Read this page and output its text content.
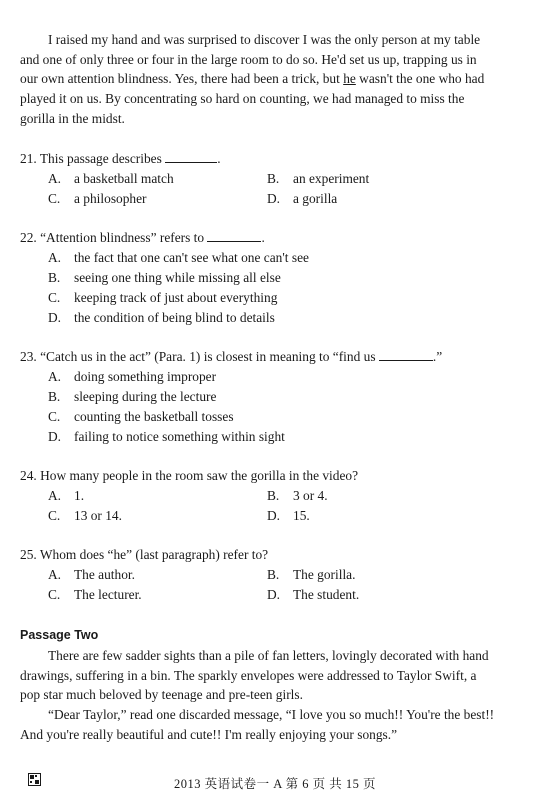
I raised my hand and was surprised to discover I was the only person at my table
and one of only three or four in the large room to do so. He'd set us up, trapping us in
our own attention blindness. Yes, there had been a trick, but he wasn't the one who had
played it on us. By concentrating so hard on counting, we had managed to miss the
gorilla in the midst.
21. This passage describes	.
A. a basketball match	B. an experiment
C. a philosopher	D. a gorilla
22. “Attention blindness” refers to	.
A. the fact that one can't see what one can't see
B. seeing one thing while missing all else
C. keeping track of just about everything
D. the condition of being blind to details
23. “Catch us in the act” (Para. 1) is closest in meaning to “find us	.”
A. doing something improper
B. sleeping during the lecture
C. counting the basketball tosses
D. failing to notice something within sight
24. How many people in the room saw the gorilla in the video?
A. 1.	B. 3 or 4.
C. 13 or 14.	D. 15.
25. Whom does “he” (last paragraph) refer to?
A. The author.	B. The gorilla.
C. The lecturer.	D. The student.
Passage Two
There are few sadder sights than a pile of fan letters, lovingly decorated with hand
drawings, suffering in a bin. The sparkly envelopes were addressed to Taylor Swift, a
pop star much beloved by teenage and pre-teen girls.
“Dear Taylor,” read one discarded message, “I love you so much!! You're the best!!
And you're really beautiful and cute!! I'm really enjoying your songs.”
2013 英语试卷一 A 第 6 页 共 15 页
